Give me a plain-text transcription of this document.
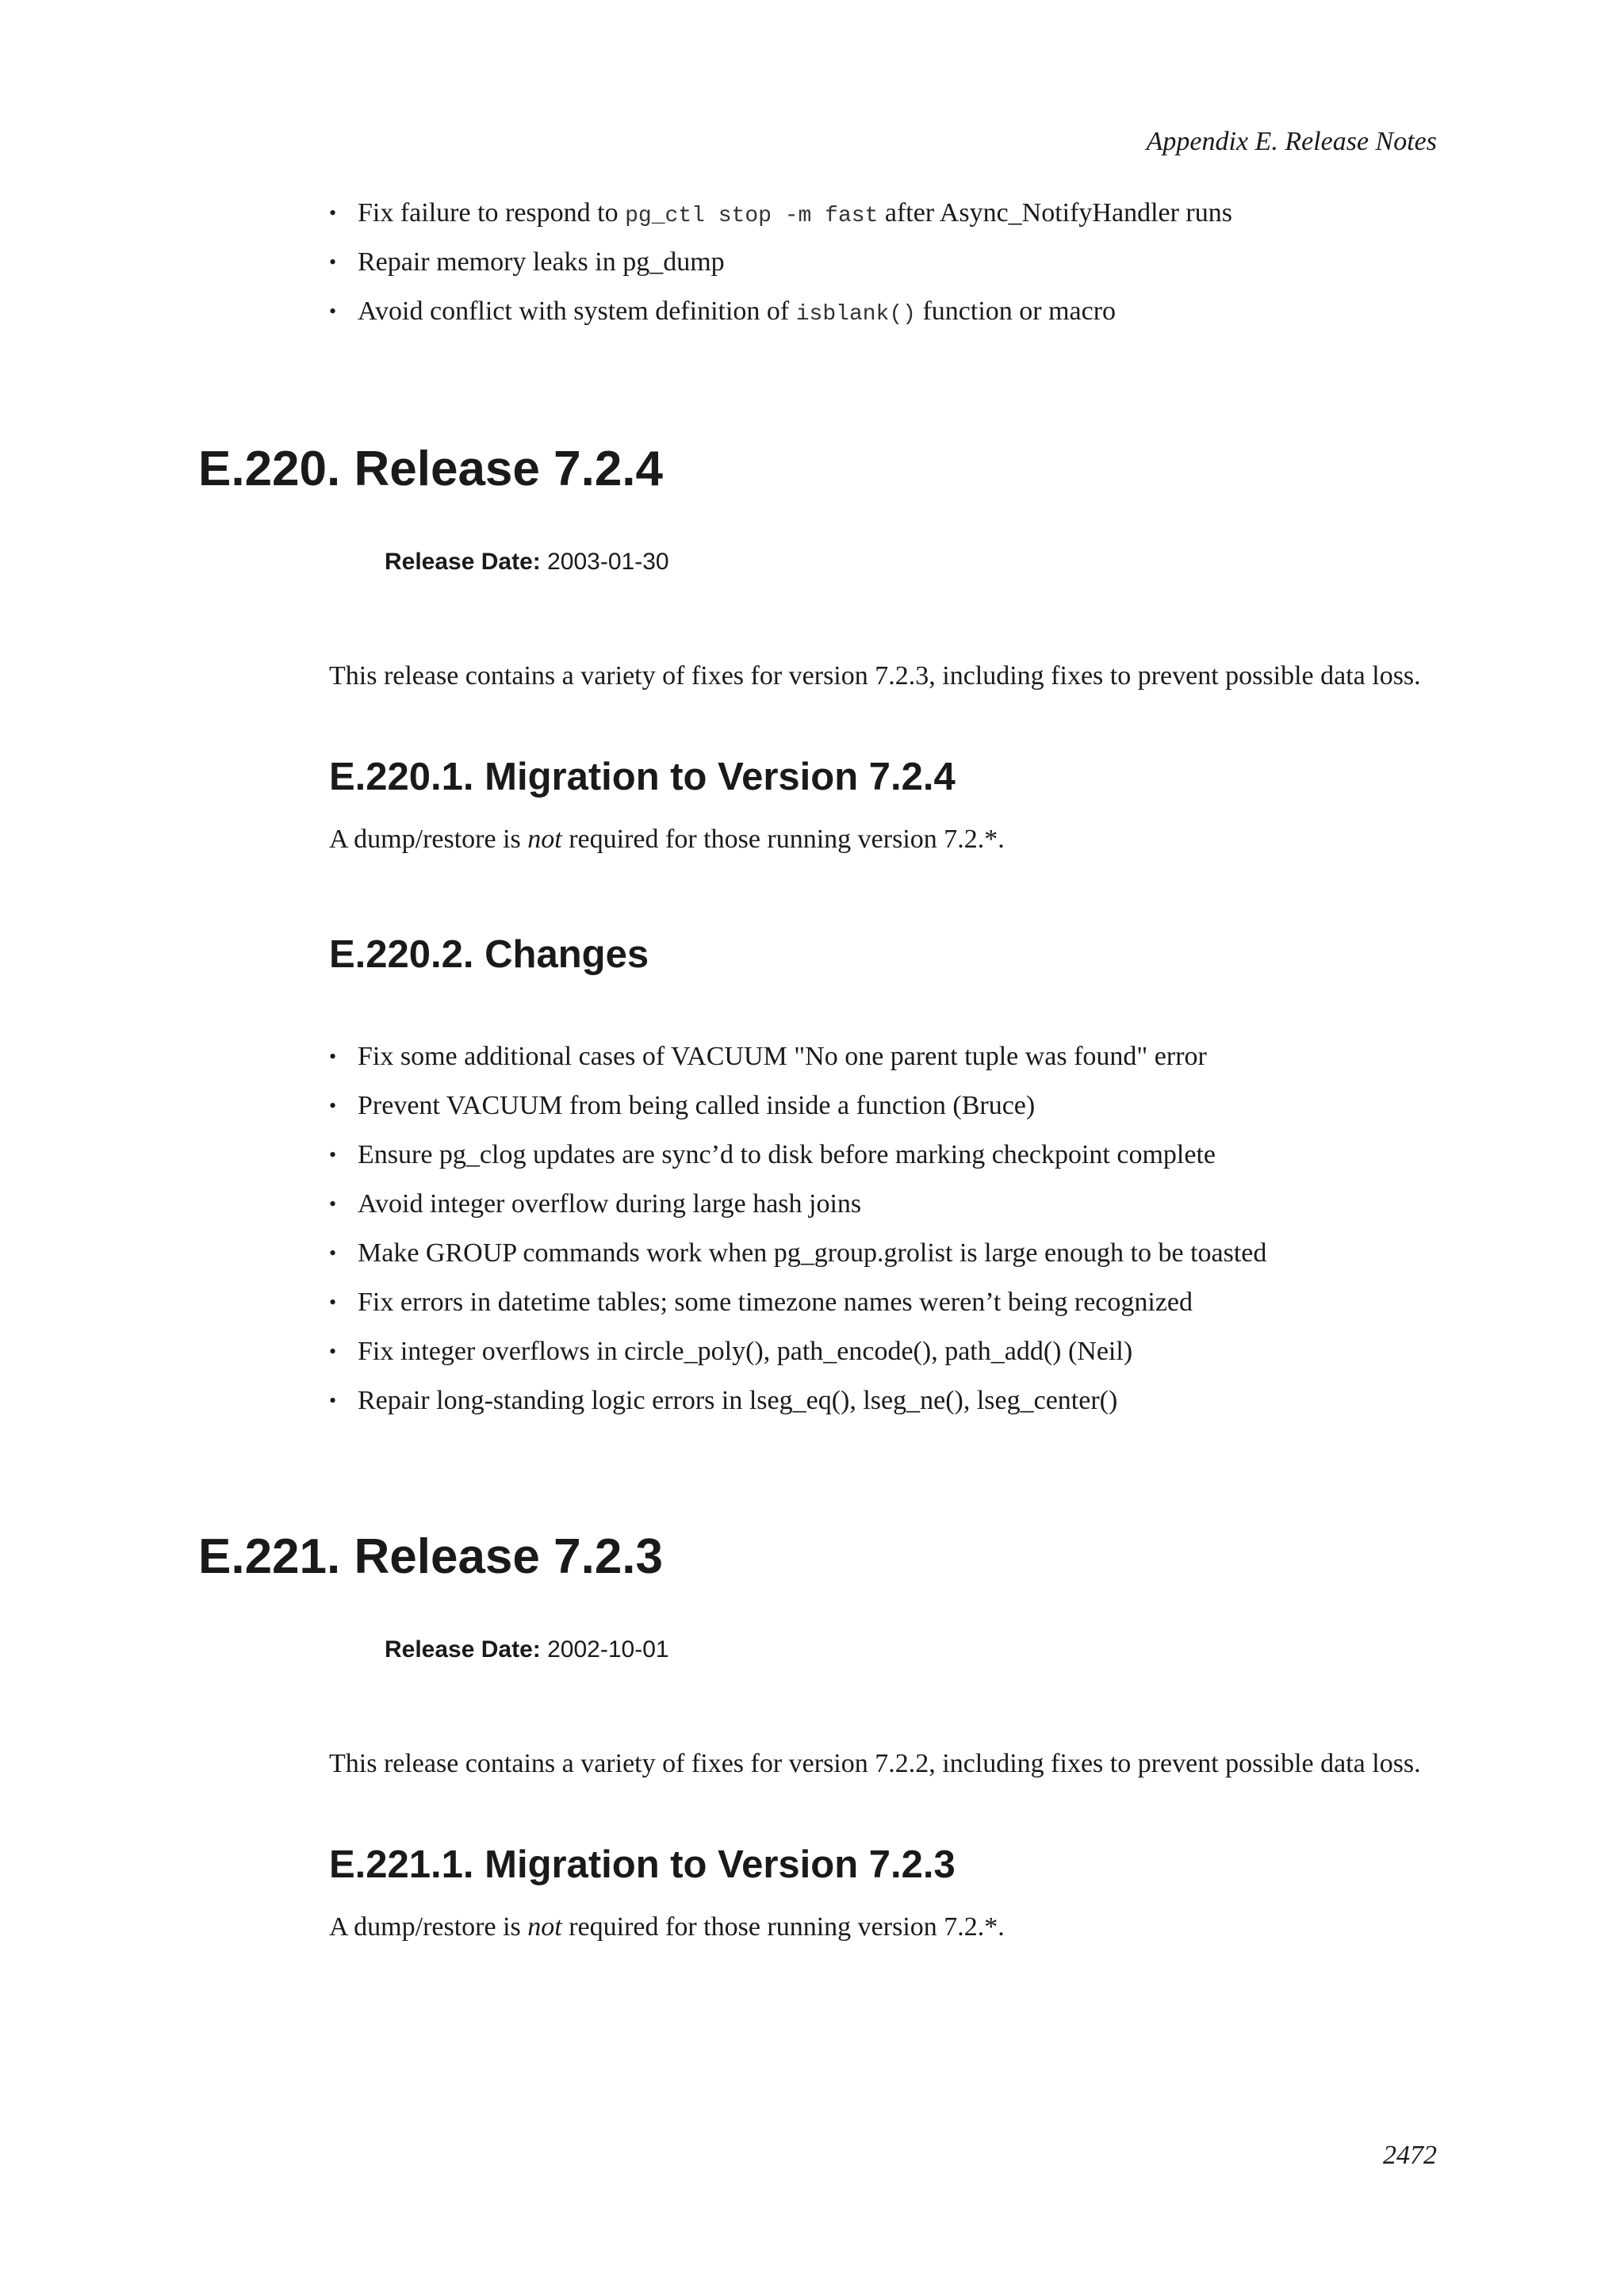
Appendix E. Release Notes
• Fix failure to respond to pg_ctl stop -m fast after Async_NotifyHandler runs
• Repair memory leaks in pg_dump
• Avoid conflict with system definition of isblank() function or macro
E.220. Release 7.2.4
Release Date: 2003-01-30
This release contains a variety of fixes for version 7.2.3, including fixes to prevent possible data loss.
E.220.1. Migration to Version 7.2.4
A dump/restore is not required for those running version 7.2.*.
E.220.2. Changes
• Fix some additional cases of VACUUM "No one parent tuple was found" error
• Prevent VACUUM from being called inside a function (Bruce)
• Ensure pg_clog updates are sync’d to disk before marking checkpoint complete
• Avoid integer overflow during large hash joins
• Make GROUP commands work when pg_group.grolist is large enough to be toasted
• Fix errors in datetime tables; some timezone names weren’t being recognized
• Fix integer overflows in circle_poly(), path_encode(), path_add() (Neil)
• Repair long-standing logic errors in lseg_eq(), lseg_ne(), lseg_center()
E.221. Release 7.2.3
Release Date: 2002-10-01
This release contains a variety of fixes for version 7.2.2, including fixes to prevent possible data loss.
E.221.1. Migration to Version 7.2.3
A dump/restore is not required for those running version 7.2.*.
2472
